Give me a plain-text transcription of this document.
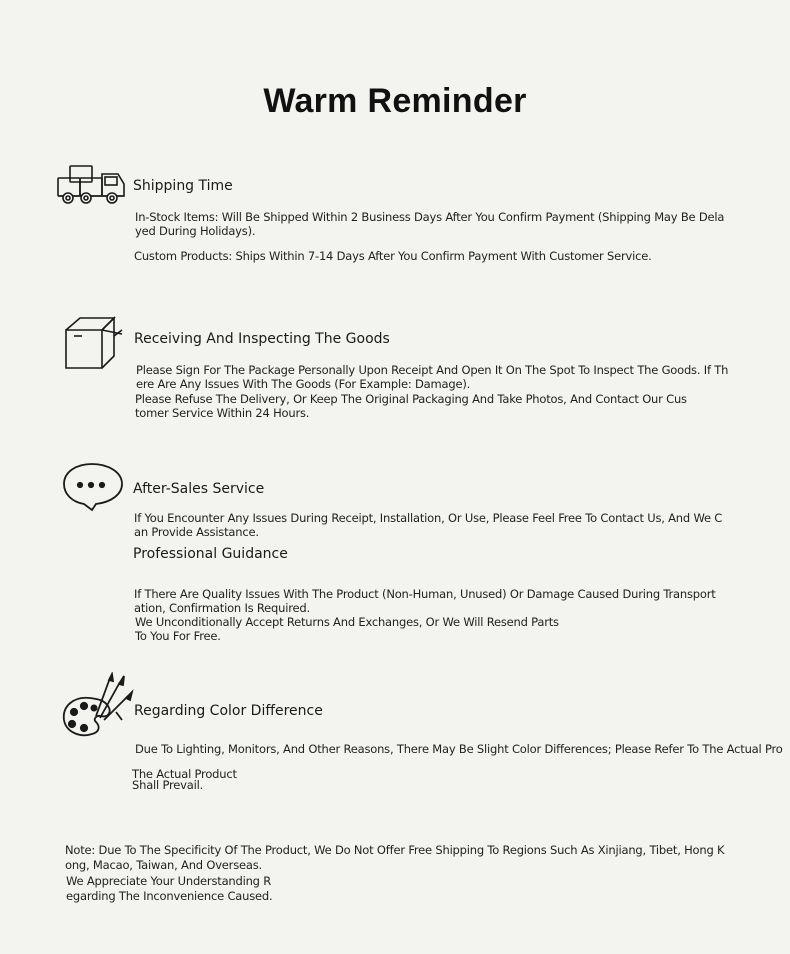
Warm Reminder
Shipping Time
In-Stock Items: Will Be Shipped Within 2 Business Days After You Confirm Payment (Shipping May Be Dela
yed During Holidays).
Custom Products: Ships Within 7-14 Days After You Confirm Payment With Customer Service.
Receiving And Inspecting The Goods
Please Sign For The Package Personally Upon Receipt And Open It On The Spot To Inspect The Goods. If Th
ere Are Any Issues With The Goods (For Example: Damage).
Please Refuse The Delivery, Or Keep The Original Packaging And Take Photos, And Contact Our Cus
tomer Service Within 24 Hours.
After-Sales Service
If You Encounter Any Issues During Receipt, Installation, Or Use, Please Feel Free To Contact Us, And We C
an Provide Assistance.
Professional Guidance
If There Are Quality Issues With The Product (Non-Human, Unused) Or Damage Caused During Transport
ation, Confirmation Is Required.
We Unconditionally Accept Returns And Exchanges, Or We Will Resend Parts
To You For Free.
Regarding Color Difference
Due To Lighting, Monitors, And Other Reasons, There May Be Slight Color Differences; Please Refer To The Actual Pro
The Actual Product
Shall Prevail.
Note: Due To The Specificity Of The Product, We Do Not Offer Free Shipping To Regions Such As Xinjiang, Tibet, Hong K
ong, Macao, Taiwan, And Overseas.
We Appreciate Your Understanding R
egarding The Inconvenience Caused.
